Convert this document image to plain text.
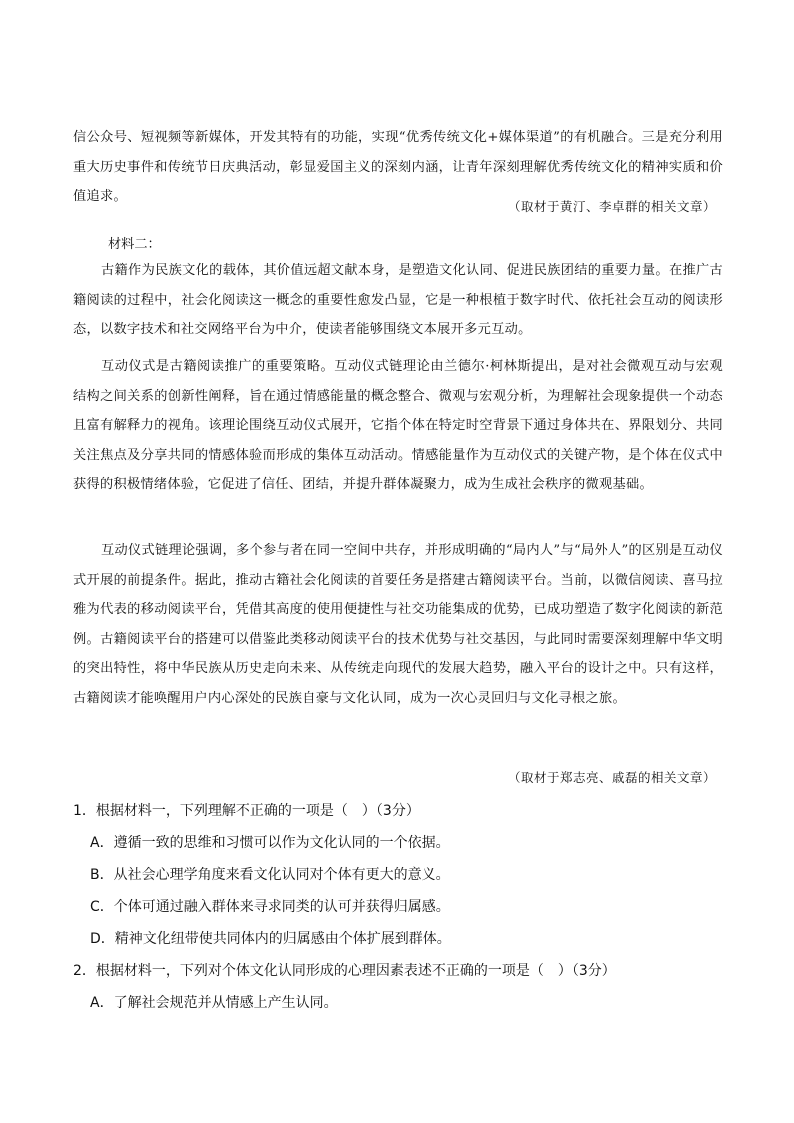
信公众号、短视频等新媒体，开发其特有的功能，实现“优秀传统文化+媒体渠道”的有机融合。三是充分利用重大历史事件和传统节日庆典活动，彰显爱国主义的深刻内涵，让青年深刻理解优秀传统文化的精神实质和价值追求。
（取材于黄汀、李卓群的相关文章）
材料二：
古籍作为民族文化的载体，其价值远超文献本身，是塑造文化认同、促进民族团结的重要力量。在推广古籍阅读的过程中，社会化阅读这一概念的重要性愈发凸显，它是一种根植于数字时代、依托社会互动的阅读形态，以数字技术和社交网络平台为中介，使读者能够围绕文本展开多元互动。
互动仪式是古籍阅读推广的重要策略。互动仪式链理论由兰德尔·柯林斯提出，是对社会微观互动与宏观结构之间关系的创新性阐释，旨在通过情感能量的概念整合、微观与宏观分析，为理解社会现象提供一个动态且富有解释力的视角。该理论围绕互动仪式展开，它指个体在特定时空背景下通过身体共在、界限划分、共同关注焦点及分享共同的情感体验而形成的集体互动活动。情感能量作为互动仪式的关键产物，是个体在仪式中获得的积极情绪体验，它促进了信任、团结，并提升群体凝聚力，成为生成社会秩序的微观基础。
互动仪式链理论强调，多个参与者在同一空间中共存，并形成明确的“局内人”与“局外人”的区别是互动仪式开展的前提条件。据此，推动古籍社会化阅读的首要任务是搭建古籍阅读平台。当前，以微信阅读、喜马拉雅为代表的移动阅读平台，凭借其高度的使用便捷性与社交功能集成的优势，已成功塑造了数字化阅读的新范例。古籍阅读平台的搭建可以借鉴此类移动阅读平台的技术优势与社交基因，与此同时需要深刻理解中华文明的突出特性，将中华民族从历史走向未来、从传统走向现代的发展大趋势，融入平台的设计之中。只有这样，古籍阅读才能唤醒用户内心深处的民族自豪与文化认同，成为一次心灵回归与文化寻根之旅。
（取材于郑志亮、戚磊的相关文章）
1．根据材料一，下列理解不正确的一项是（　）（3分）
A．遵循一致的思维和习惯可以作为文化认同的一个依据。
B．从社会心理学角度来看文化认同对个体有更大的意义。
C．个体可通过融入群体来寻求同类的认可并获得归属感。
D．精神文化纽带使共同体内的归属感由个体扩展到群体。
2．根据材料一，下列对个体文化认同形成的心理因素表述不正确的一项是（　）（3分）
A．了解社会规范并从情感上产生认同。
